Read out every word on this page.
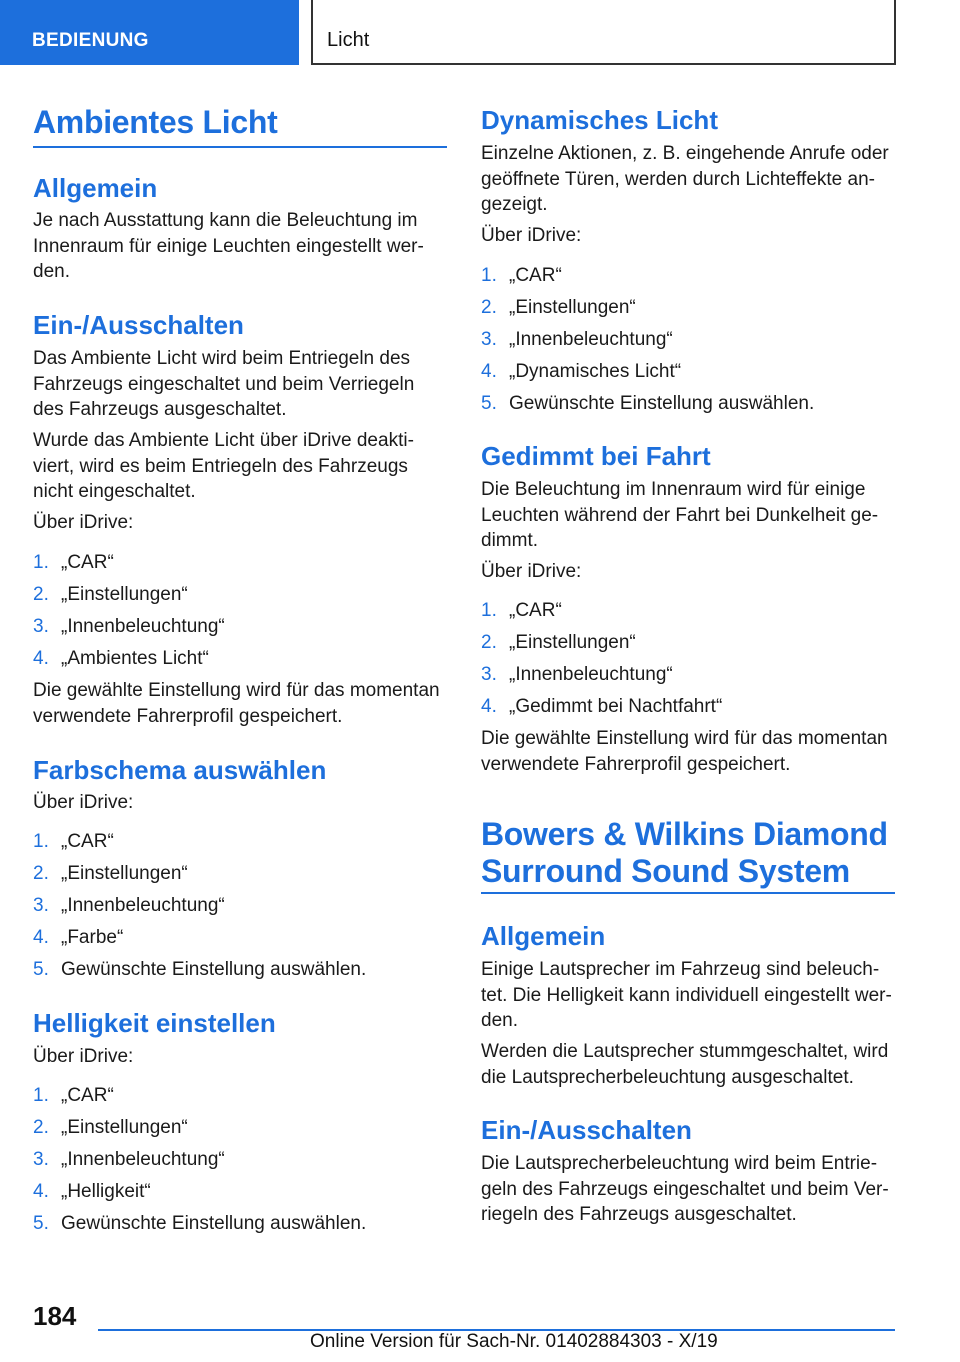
BEDIENUNG	Licht
Ambientes Licht
Allgemein
Je nach Ausstattung kann die Beleuchtung im
Innenraum für einige Leuchten eingestellt wer-
den.
Ein-/Ausschalten
Das Ambiente Licht wird beim Entriegeln des
Fahrzeugs eingeschaltet und beim Verriegeln
des Fahrzeugs ausgeschaltet.
Wurde das Ambiente Licht über iDrive deakti-
viert, wird es beim Entriegeln des Fahrzeugs
nicht eingeschaltet.
Über iDrive:
1. „CAR“
2. „Einstellungen“
3. „Innenbeleuchtung“
4. „Ambientes Licht“
Die gewählte Einstellung wird für das momentan
verwendete Fahrerprofil gespeichert.
Farbschema auswählen
Über iDrive:
1. „CAR“
2. „Einstellungen“
3. „Innenbeleuchtung“
4. „Farbe“
5. Gewünschte Einstellung auswählen.
Helligkeit einstellen
Über iDrive:
1. „CAR“
2. „Einstellungen“
3. „Innenbeleuchtung“
4. „Helligkeit“
5. Gewünschte Einstellung auswählen.
Dynamisches Licht
Einzelne Aktionen, z. B. eingehende Anrufe oder
geöffnete Türen, werden durch Lichteffekte an-
gezeigt.
Über iDrive:
1. „CAR“
2. „Einstellungen“
3. „Innenbeleuchtung“
4. „Dynamisches Licht“
5. Gewünschte Einstellung auswählen.
Gedimmt bei Fahrt
Die Beleuchtung im Innenraum wird für einige
Leuchten während der Fahrt bei Dunkelheit ge-
dimmt.
Über iDrive:
1. „CAR“
2. „Einstellungen“
3. „Innenbeleuchtung“
4. „Gedimmt bei Nachtfahrt“
Die gewählte Einstellung wird für das momentan
verwendete Fahrerprofil gespeichert.
Bowers & Wilkins Diamond
Surround Sound System
Allgemein
Einige Lautsprecher im Fahrzeug sind beleuch-
tet. Die Helligkeit kann individuell eingestellt wer-
den.
Werden die Lautsprecher stummgeschaltet, wird
die Lautsprecherbeleuchtung ausgeschaltet.
Ein-/Ausschalten
Die Lautsprecherbeleuchtung wird beim Entrie-
geln des Fahrzeugs eingeschaltet und beim Ver-
riegeln des Fahrzeugs ausgeschaltet.
184
Online Version für Sach-Nr. 01402884303 - X/19
